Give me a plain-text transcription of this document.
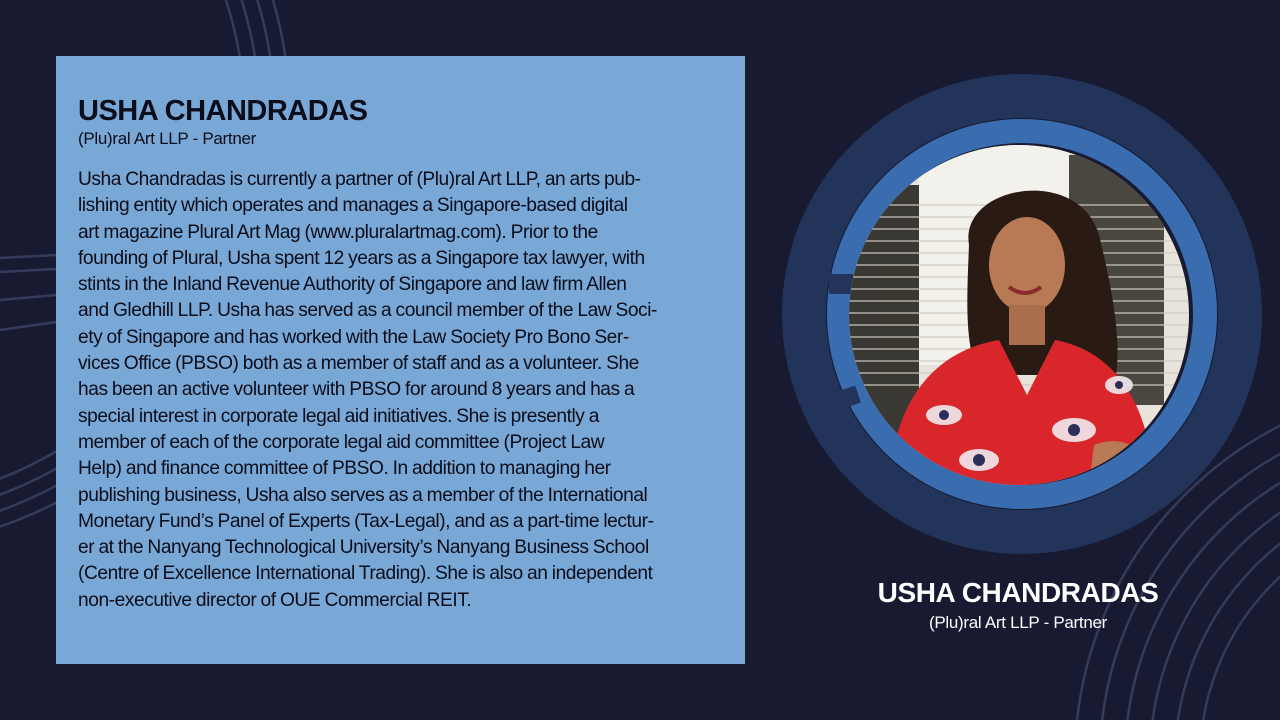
USHA CHANDRADAS
(Plu)ral Art LLP - Partner
Usha Chandradas is currently a partner of (Plu)ral Art LLP, an arts pub-
lishing entity which operates and manages a Singapore-based digital
art magazine Plural Art Mag (www.pluralartmag.com). Prior to the
founding of Plural, Usha spent 12 years as a Singapore tax lawyer, with
stints in the Inland Revenue Authority of Singapore and law firm Allen
and Gledhill LLP. Usha has served as a council member of the Law Soci-
ety of Singapore and has worked with the Law Society Pro Bono Ser-
vices Office (PBSO) both as a member of staff and as a volunteer. She
has been an active volunteer with PBSO for around 8 years and has a
special interest in corporate legal aid initiatives. She is presently a
member of each of the corporate legal aid committee (Project Law
Help) and finance committee of PBSO. In addition to managing her
publishing business, Usha also serves as a member of the International
Monetary Fund’s Panel of Experts (Tax-Legal), and as a part-time lectur-
er at the Nanyang Technological University’s Nanyang Business School
(Centre of Excellence International Trading). She is also an independent
non-executive director of OUE Commercial REIT.	USHA CHANDRADAS
(Plu)ral Art LLP - Partner
